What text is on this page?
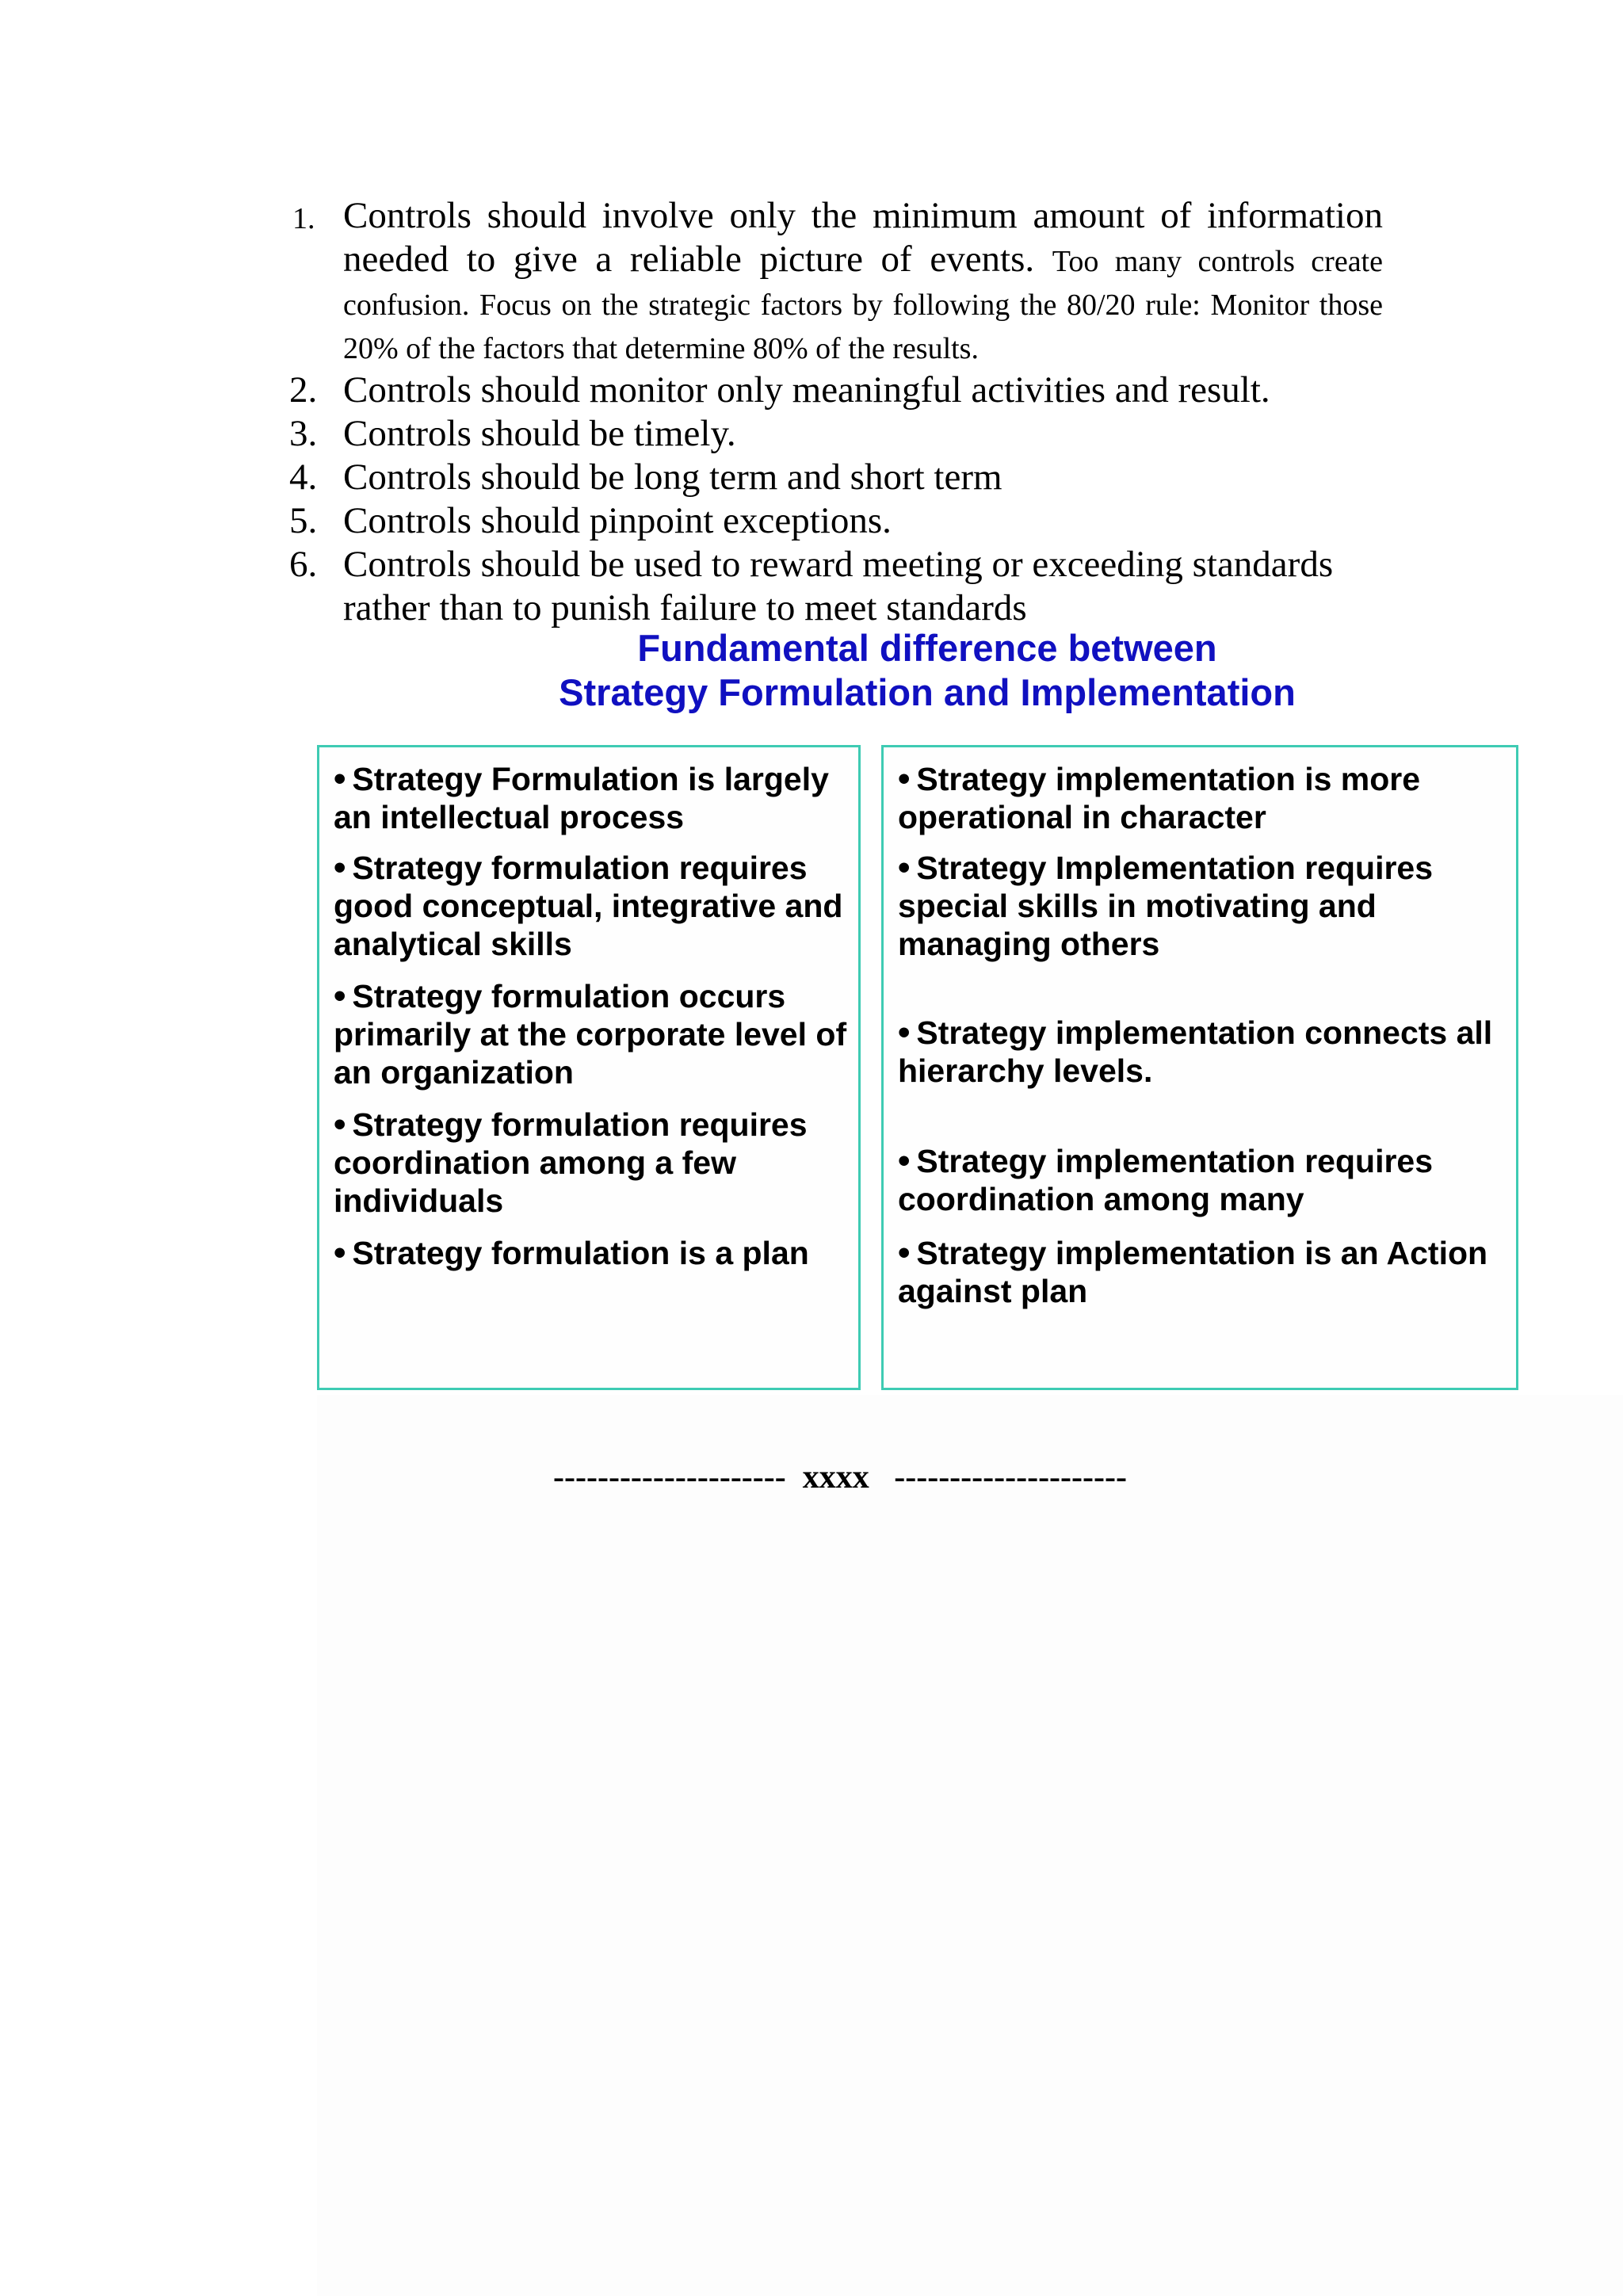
1. Controls should involve only the minimum amount of information needed to give a reliable picture of events. Too many controls create confusion. Focus on the strategic factors by following the 80/20 rule: Monitor those 20% of the factors that determine 80% of the results.
2. Controls should monitor only meaningful activities and result.
3. Controls should be timely.
4. Controls should be long term and short term
5. Controls should pinpoint exceptions.
6. Controls should be used to reward meeting or exceeding standards rather than to punish failure to meet standards
Fundamental difference between
Strategy Formulation and Implementation

• Strategy Formulation is largely an intellectual process

• Strategy formulation requires good conceptual, integrative and analytical skills

• Strategy formulation occurs primarily at the corporate level of an organization

• Strategy formulation requires coordination among a few individuals

• Strategy formulation is a plan

• Strategy implementation is more operational in character

• Strategy Implementation requires special skills in motivating and managing others

• Strategy implementation connects all hierarchy levels.

• Strategy implementation requires coordination among many

• Strategy implementation is an Action against plan

--------------------- xxxx ---------------------
